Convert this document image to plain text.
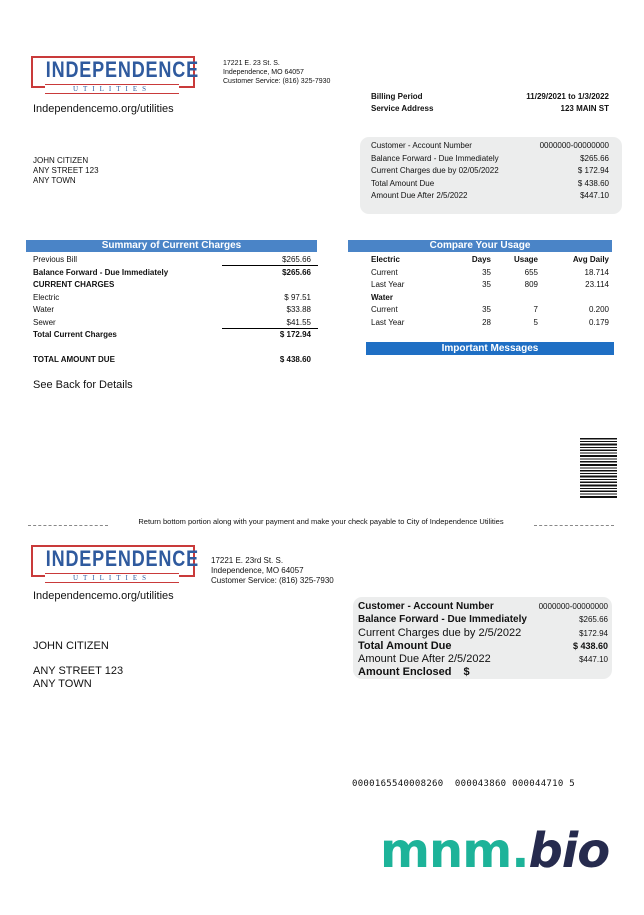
INDEPENDENCE
UTILITIES
17221 E. 23 St. S.
Independence, MO 64057
Customer Service: (816) 325-7930
Independencemo.org/utilities
Billing Period	11/29/2021 to 1/3/2022
Service Address	123 MAIN ST
JOHN CITIZEN
ANY STREET 123
ANY TOWN
Customer - Account Number	0000000-00000000
Balance Forward - Due Immediately	$265.66
Current Charges due by 02/05/2022	$ 172.94
Total Amount Due	$ 438.60
Amount Due After 2/5/2022	$447.10
Summary of Current Charges
Previous Bill	$265.66
Balance Forward - Due Immediately	$265.66
CURRENT CHARGES
Electric	$ 97.51
Water	$33.88
Sewer	$41.55
Total Current Charges	$ 172.94
TOTAL AMOUNT DUE	$ 438.60
See Back for Details
Compare Your Usage
Electric	Days	Usage	Avg Daily
Current	35	655	18.714
Last Year	35	809	23.114
Water
Current	35	7	0.200
Last Year	28	5	0.179
Important Messages
Return bottom portion along with your payment and make your check payable to City of Independence Utilities
INDEPENDENCE
UTILITIES
17221 E. 23rd St. S.
Independence, MO 64057
Customer Service: (816) 325-7930
Independencemo.org/utilities
JOHN CITIZEN
ANY STREET 123
ANY TOWN
Customer - Account Number	0000000-00000000
Balance Forward - Due Immediately	$265.66
Current Charges due by 2/5/2022	$172.94
Total Amount Due	$ 438.60
Amount Due After 2/5/2022	$447.10
Amount Enclosed $
0000165540008260  000043860 000044710 5
mnm.bio
